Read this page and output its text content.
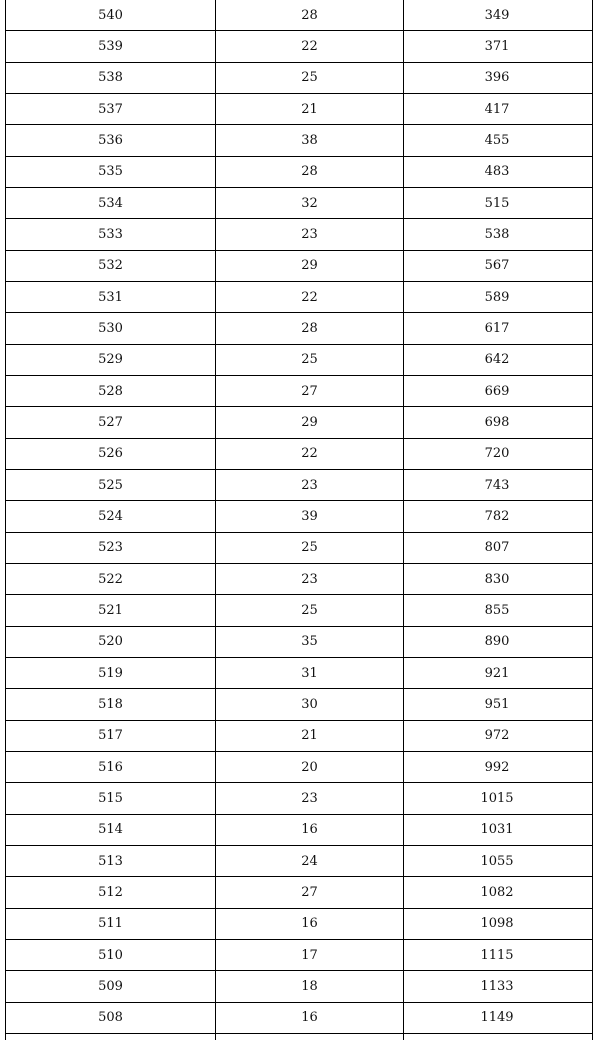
540	28	349
539	22	371
538	25	396
537	21	417
536	38	455
535	28	483
534	32	515
533	23	538
532	29	567
531	22	589
530	28	617
529	25	642
528	27	669
527	29	698
526	22	720
525	23	743
524	39	782
523	25	807
522	23	830
521	25	855
520	35	890
519	31	921
518	30	951
517	21	972
516	20	992
515	23	1015
514	16	1031
513	24	1055
512	27	1082
511	16	1098
510	17	1115
509	18	1133
508	16	1149
